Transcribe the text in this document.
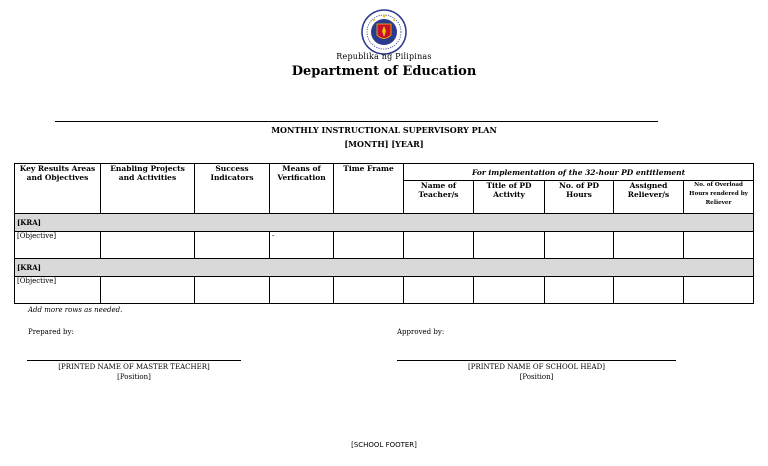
Republika ng Pilipinas
Department of Education
MONTHLY INSTRUCTIONAL SUPERVISORY PLAN
[MONTH] [YEAR]
Key Results Areas and Objectives	Enabling Projects and Activities	Success Indicators	Means of Verification	Time Frame	For implementation of the 32-hour PD entitlement				
					Name of Teacher/s	Title of PD Activity	No. of PD Hours	Assigned Reliever/s	No. of Overload Hours rendered by Reliever
[KRA]									
[Objective]			-						
[KRA]									
[Objective]									
Add more rows as needed.
Prepared by:	Approved by:
[PRINTED NAME OF MASTER TEACHER]
[Position]
[PRINTED NAME OF SCHOOL HEAD]
[Position]
[SCHOOL FOOTER]
